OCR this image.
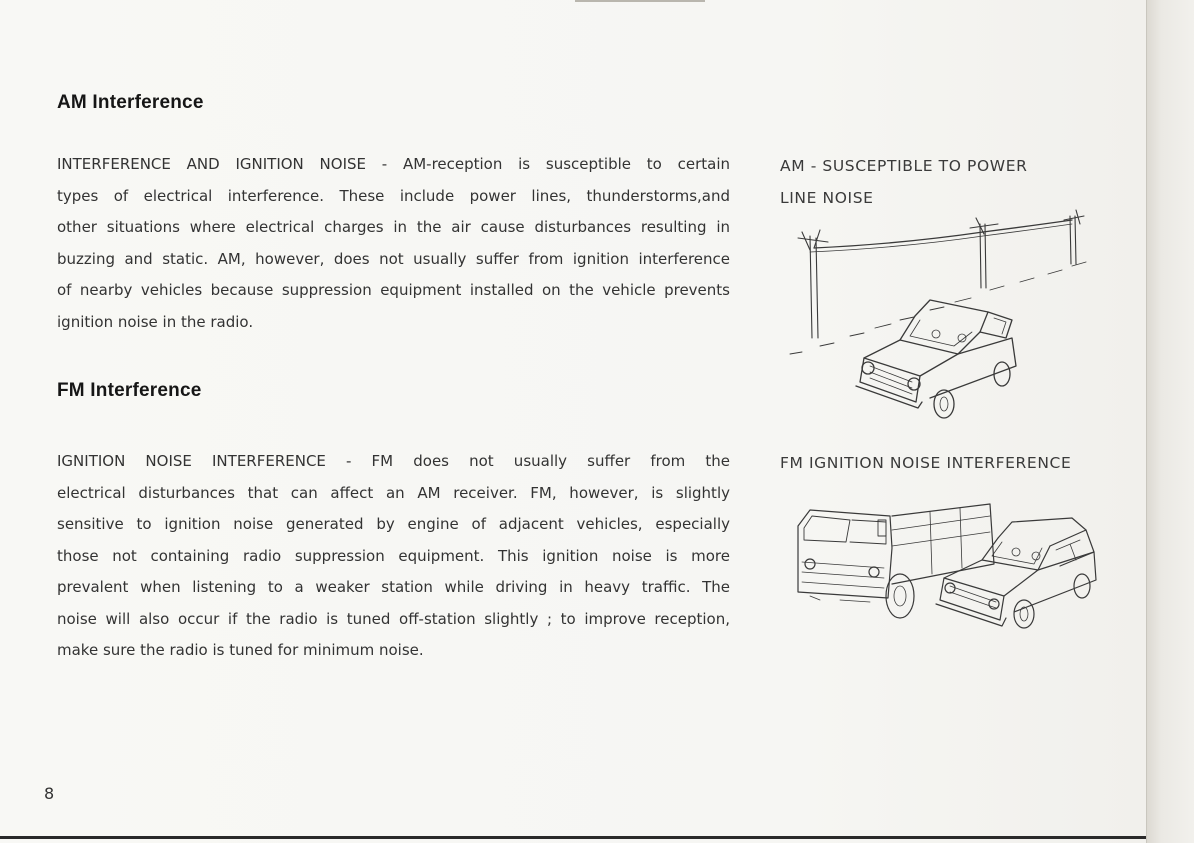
AM Interference
INTERFERENCE AND IGNITION NOISE - AM-reception is susceptible to certain
types of electrical interference. These include power lines, thunderstorms,and
other situations where electrical charges in the air cause disturbances resulting in
buzzing and static. AM, however, does not usually suffer from ignition interference
of nearby vehicles because suppression equipment installed on the vehicle prevents
ignition noise in the radio.
FM Interference
IGNITION NOISE INTERFERENCE - FM does not usually suffer from the
electrical disturbances that can affect an AM receiver. FM, however, is slightly
sensitive to ignition noise generated by engine of adjacent vehicles, especially
those not containing radio suppression equipment. This ignition noise is more
prevalent when listening to a weaker station while driving in heavy traffic. The
noise will also occur if the radio is tuned off-station slightly ; to improve reception,
make sure the radio is tuned for minimum noise.
AM - SUSCEPTIBLE TO POWER
LINE NOISE
FM IGNITION NOISE INTERFERENCE
8
